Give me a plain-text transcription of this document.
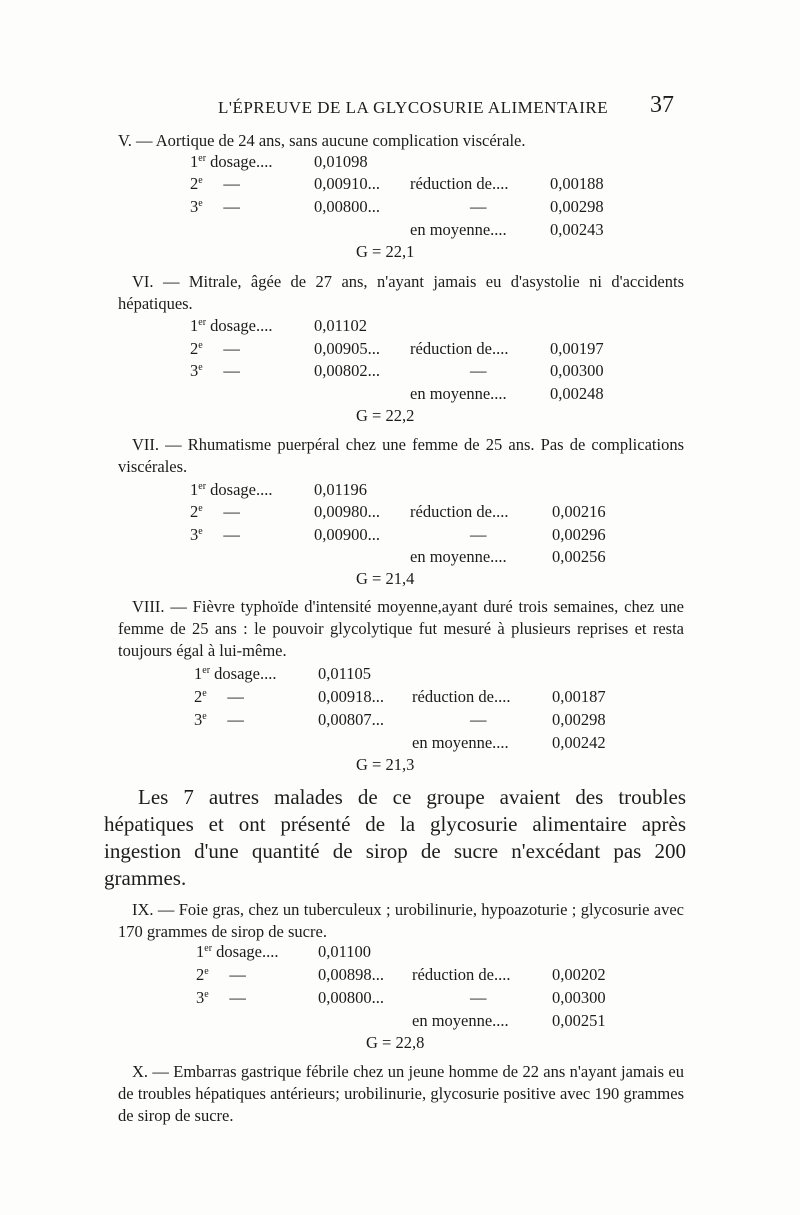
L'ÉPREUVE DE LA GLYCOSURIE ALIMENTAIRE 37

V. — Aortique de 24 ans, sans aucune complication viscérale.

1er dosage....	0,01098
2e     —	0,00910... réduction de....	0,00188
3e     —	0,00800...	—	0,00298
en moyenne....	0,00243
G = 22,1

VI. — Mitrale, âgée de 27 ans, n'ayant jamais eu d'asystolie ni d'accidents hépatiques.

1er dosage....	0,01102
2e     —	0,00905... réduction de....	0,00197
3e     —	0,00802...	—	0,00300
en moyenne....	0,00248
G = 22,2

VII. — Rhumatisme puerpéral chez une femme de 25 ans. Pas de complications viscérales.

1er dosage....	0,01196
2e     —	0,00980... réduction de....	0,00216
3e     —	0,00900...	—	0,00296
en moyenne....	0,00256
G = 21,4

VIII. — Fièvre typhoïde d'intensité moyenne,ayant duré trois semaines, chez une femme de 25 ans : le pouvoir glycolytique fut mesuré à plusieurs reprises et resta toujours égal à lui-même.

1er dosage....	0,01105
2e     —	0,00918... réduction de....	0,00187
3e     —	0,00807...	—	0,00298
en moyenne....	0,00242
G = 21,3

Les 7 autres malades de ce groupe avaient des troubles hépatiques et ont présenté de la glycosurie alimentaire après ingestion d'une quantité de sirop de sucre n'excédant pas 200 grammes.

IX. — Foie gras, chez un tuberculeux ; urobilinurie, hypoazoturie ; glycosurie avec 170 grammes de sirop de sucre.

1er dosage.... 0,01100
2e     —	0,00898... réduction de....	0,00202
3e     —	0,00800...	—	0,00300
en moyenne....	0,00251
G = 22,8

X. — Embarras gastrique fébrile chez un jeune homme de 22 ans n'ayant jamais eu de troubles hépatiques antérieurs; urobilinurie, glycosurie positive avec 190 grammes de sirop de sucre.
